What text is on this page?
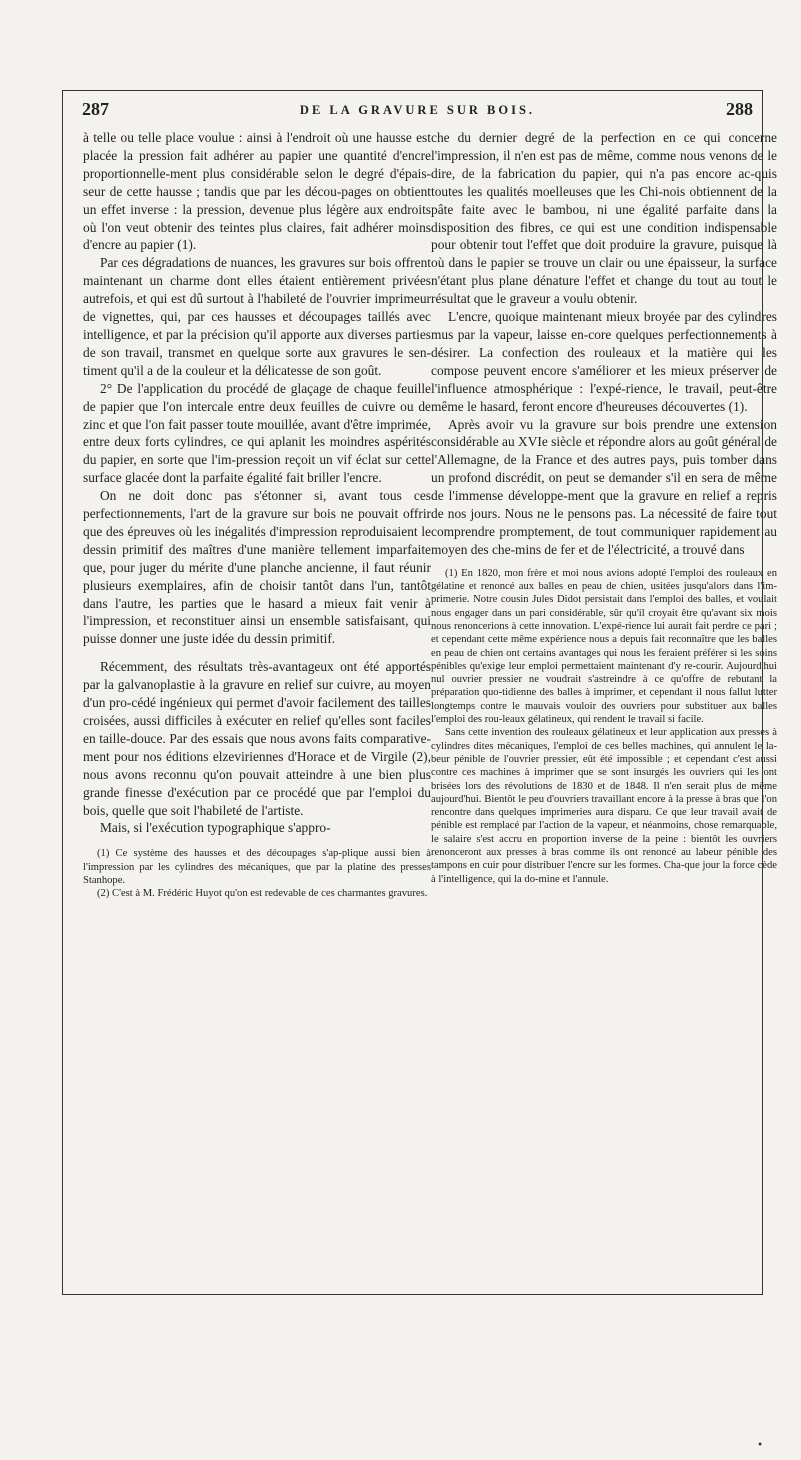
287	DE LA GRAVURE SUR BOIS.	288

à telle ou telle place voulue : ainsi à l'endroit où une hausse est placée la pression fait adhérer au papier une quantité d'encre proportionnelle-ment plus considérable selon le degré d'épais-seur de cette hausse ; tandis que par les décou-pages on obtient un effet inverse : la pression, devenue plus légère aux endroits où l'on veut obtenir des teintes plus claires, fait adhérer moins d'encre au papier (1).

Par ces dégradations de nuances, les gravures sur bois offrent maintenant un charme dont elles étaient entièrement privées autrefois, et qui est dû surtout à l'habileté de l'ouvrier imprimeur de vignettes, qui, par ces hausses et découpages taillés avec intelligence, et par la précision qu'il apporte aux diverses parties de son travail, transmet en quelque sorte aux gravures le sen-timent qu'il a de la couleur et la délicatesse de son goût.

2° De l'application du procédé de glaçage de chaque feuille de papier que l'on intercale entre deux feuilles de cuivre ou de zinc et que l'on fait passer toute mouillée, avant d'être imprimée, entre deux forts cylindres, ce qui aplanit les moindres aspérités du papier, en sorte que l'im-pression reçoit un vif éclat sur cette surface glacée dont la parfaite égalité fait briller l'encre.

On ne doit donc pas s'étonner si, avant tous ces perfectionnements, l'art de la gravure sur bois ne pouvait offrir que des épreuves où les inégalités d'impression reproduisaient le dessin primitif des maîtres d'une manière tellement imparfaite que, pour juger du mérite d'une planche ancienne, il faut réunir plusieurs exemplaires, afin de choisir tantôt dans l'un, tantôt dans l'autre, les parties que le hasard a mieux fait venir à l'impression, et reconstituer ainsi un ensemble satisfaisant, qui puisse donner une juste idée du dessin primitif.

Récemment, des résultats très-avantageux ont été apportés par la galvanoplastie à la gravure en relief sur cuivre, au moyen d'un pro-cédé ingénieux qui permet d'avoir facilement des tailles croisées, aussi difficiles à exécuter en relief qu'elles sont faciles en taille-douce. Par des essais que nous avons faits comparative-ment pour nos éditions elzeviriennes d'Horace et de Virgile (2), nous avons reconnu qu'on pouvait atteindre à une bien plus grande finesse d'exécution par ce procédé que par l'emploi du bois, quelle que soit l'habileté de l'artiste.

Mais, si l'exécution typographique s'appro-

(1) Ce système des hausses et des découpages s'ap-plique aussi bien à l'impression par les cylindres des mécaniques, que par la platine des presses Stanhope.

(2) C'est à M. Frédéric Huyot qu'on est redevable de ces charmantes gravures.

che du dernier degré de la perfection en ce qui concerne l'impression, il n'en est pas de même, comme nous venons de le dire, de la fabrication du papier, qui n'a pas encore ac-quis toutes les qualités moelleuses que les Chi-nois obtiennent de la pâte faite avec le bambou, ni une égalité parfaite dans la disposition des fibres, ce qui est une condition indispensable pour obtenir tout l'effet que doit produire la gravure, puisque là où dans le papier se trouve un clair ou une épaisseur, la surface n'étant plus plane dénature l'effet et change du tout au tout le résultat que le graveur a voulu obtenir.

L'encre, quoique maintenant mieux broyée par des cylindres mus par la vapeur, laisse en-core quelques perfectionnements à désirer. La confection des rouleaux et la matière qui les compose peuvent encore s'améliorer et les mieux préserver de l'influence atmosphérique : l'expé-rience, le travail, peut-être même le hasard, feront encore d'heureuses découvertes (1).

Après avoir vu la gravure sur bois prendre une extension considérable au XVIe siècle et répondre alors au goût général de l'Allemagne, de la France et des autres pays, puis tomber dans un profond discrédit, on peut se demander s'il en sera de même de l'immense développe-ment que la gravure en relief a repris de nos jours. Nous ne le pensons pas. La nécessité de faire tout comprendre promptement, de tout communiquer rapidement au moyen des che-mins de fer et de l'électricité, a trouvé dans

(1) En 1820, mon frère et moi nous avions adopté l'emploi des rouleaux en gélatine et renoncé aux balles en peau de chien, usitées jusqu'alors dans l'im-primerie. Notre cousin Jules Didot persistait dans l'emploi des balles, et voulait nous engager dans un pari considérable, sûr qu'il croyait être qu'avant six mois nous renoncerions à cette innovation. L'expé-rience lui aurait fait perdre ce pari ; et cependant cette même expérience nous a depuis fait reconnaître que les balles en peau de chien ont certains avantages qui nous les feraient préférer si les soins pénibles qu'exige leur emploi permettaient maintenant d'y re-courir. Aujourd'hui nul ouvrier pressier ne voudrait s'astreindre à ce qu'offre de rebutant la préparation quo-tidienne des balles à imprimer, et cependant il nous fallut lutter longtemps contre le mauvais vouloir des ouvriers pour substituer aux balles l'emploi des rou-leaux gélatineux, qui rendent le travail si facile.

Sans cette invention des rouleaux gélatineux et leur application aux presses à cylindres dites mécaniques, l'emploi de ces belles machines, qui annulent le la-beur pénible de l'ouvrier pressier, eût été impossible ; et cependant c'est aussi contre ces machines à imprimer que se sont insurgés les ouvriers qui les ont brisées lors des révolutions de 1830 et de 1848. Il n'en serait plus de même aujourd'hui. Bientôt le peu d'ouvriers travaillant encore à la presse à bras que l'on rencontre dans quelques imprimeries aura disparu. Ce que leur travail avait de pénible est remplacé par l'action de la vapeur, et néanmoins, chose remarquable, le salaire s'est accru en proportion inverse de la peine : bientôt les ouvriers renonceront aux presses à bras comme ils ont renoncé au labeur pénible des tampons en cuir pour distribuer l'encre sur les formes. Cha-que jour la force cède à l'intelligence, qui la do-mine et l'annule.

•
